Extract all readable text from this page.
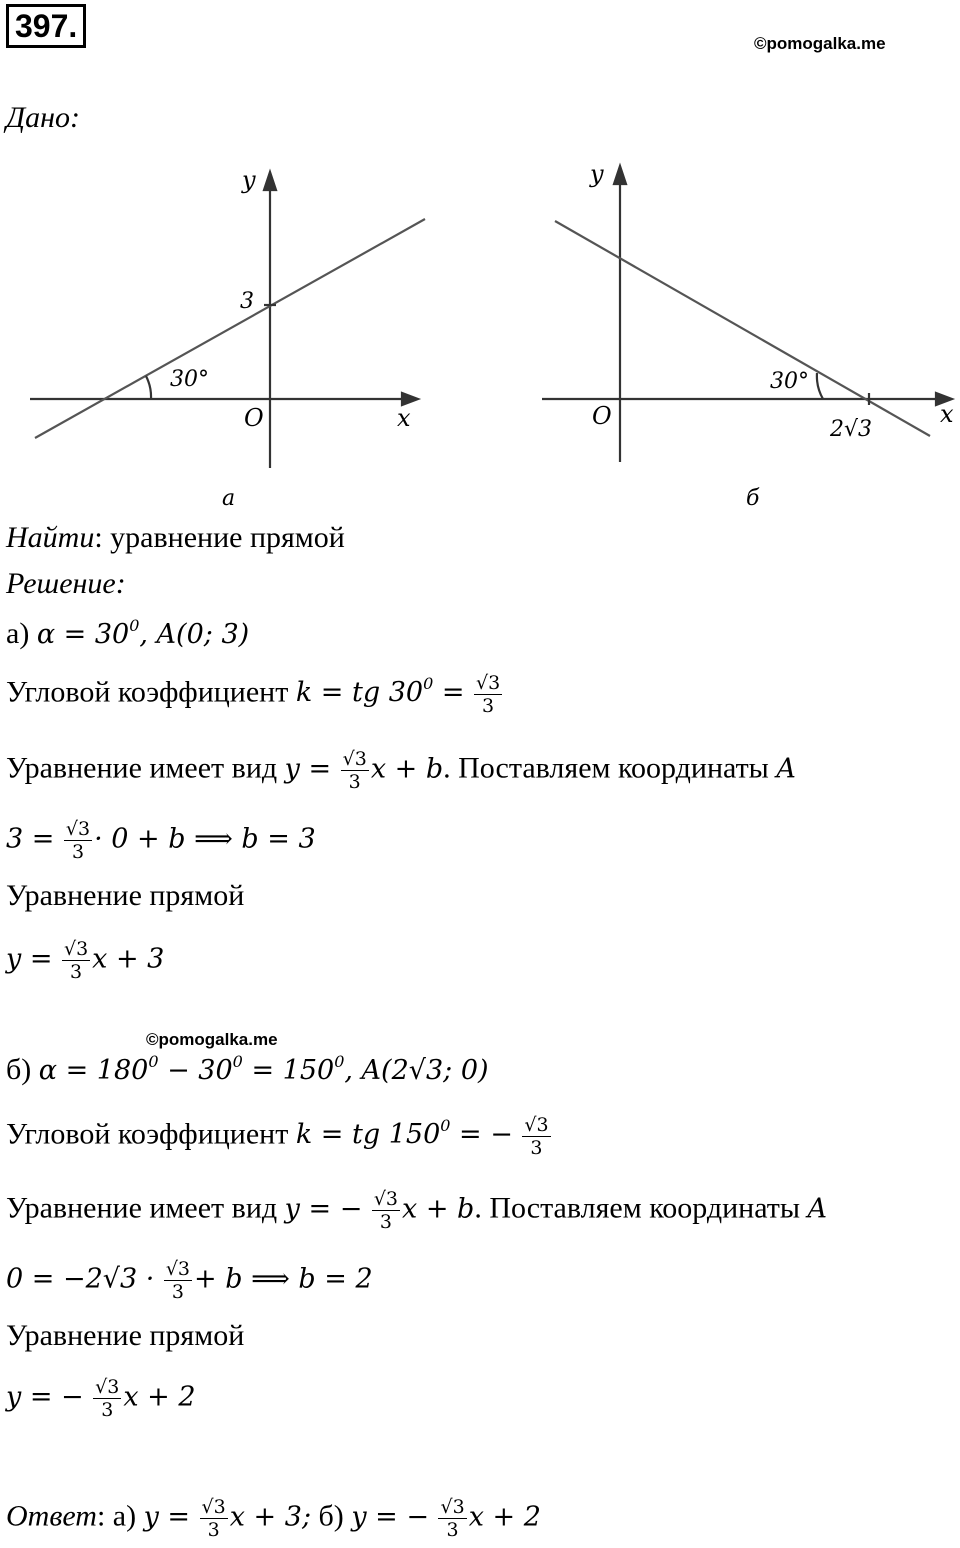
397.	©pomogalka.me
Дано:
y
x
O
3
30°
а
y
x
O	2√3
30°
б
Найти: уравнение прямой
Решение:
а) $\alpha = 30^0$, A(0; 3)
Угловой коэффициент k = tg $30^0 = \frac{√3}{3}$
Уравнение имеет вид $y = \frac{√3}{3}$ x + b. Поставляем координаты A
$3 = \frac{√3}{3} \cdot 0 + b$ ⟹ b = 3
Уравнение прямой
$y = \frac{√3}{3}$ x + 3
©pomogalka.me
б) $\alpha = 180^0 - 30^0 = 150^0$, A(2√3; 0)
Угловой коэффициент k = tg $150^0$ = − $\frac{√3}{3}$
Уравнение имеет вид y = − $\frac{√3}{3}$ x + b. Поставляем координаты A
$0 = -2√3 \cdot \frac{√3}{3} + b$ ⟹ b = 2
Уравнение прямой
y = − $\frac{√3}{3}$ x + 2
Ответ: а) $y = \frac{√3}{3}$ x + 3; б) y = − $\frac{√3}{3}$ x + 2
